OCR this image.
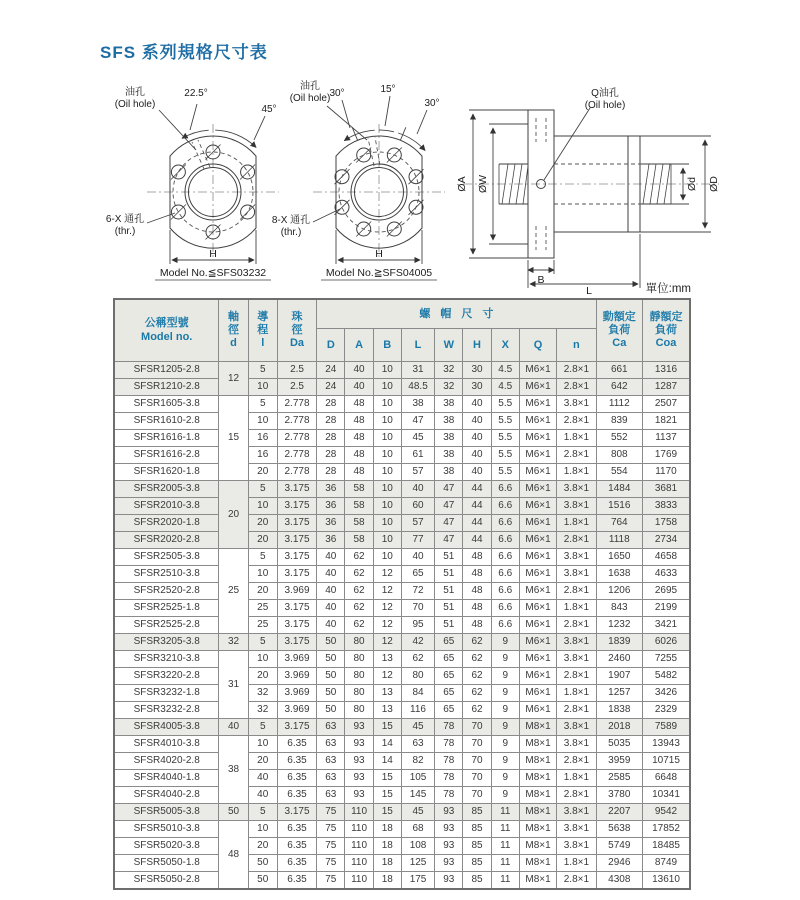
SFS 系列規格尺寸表
油孔
(Oil hole)
22.5°
45°
6-X 通孔
(thr.)
H
Model No.≦SFS03232
油孔
(Oil hole) 30°	15°
30°
8-X 通孔
(thr.)
H
Model No.≧SFS04005
ØA ØW
Q油孔
(Oil hole)
Ød ØD
B
L	單位:mm
公稱型號
Model no.	軸
徑
d	導
程
l	珠
徑
Da	螺帽尺寸									動額定
負荷
Ca	靜額定
負荷
Coa

				D	A	B	L	W	H	X	Q	n		
SFSR1205-2.8	12	5	2.5	24	40	10	31	32	30	4.5	M6×1	2.8×1	661	1316
SFSR1210-2.8		10	2.5	24	40	10	48.5	32	30	4.5	M6×1	2.8×1	642	1287
SFSR1605-3.8	15	5	2.778	28	48	10	38	38	40	5.5	M6×1	3.8×1	1112	2507
SFSR1610-2.8		10	2.778	28	48	10	47	38	40	5.5	M6×1	2.8×1	839	1821
SFSR1616-1.8		16	2.778	28	48	10	45	38	40	5.5	M6×1	1.8×1	552	1137
SFSR1616-2.8		16	2.778	28	48	10	61	38	40	5.5	M6×1	2.8×1	808	1769
SFSR1620-1.8		20	2.778	28	48	10	57	38	40	5.5	M6×1	1.8×1	554	1170
SFSR2005-3.8	20	5	3.175	36	58	10	40	47	44	6.6	M6×1	3.8×1	1484	3681
SFSR2010-3.8		10	3.175	36	58	10	60	47	44	6.6	M6×1	3.8×1	1516	3833
SFSR2020-1.8		20	3.175	36	58	10	57	47	44	6.6	M6×1	1.8×1	764	1758
SFSR2020-2.8		20	3.175	36	58	10	77	47	44	6.6	M6×1	2.8×1	1118	2734
SFSR2505-3.8	25	5	3.175	40	62	10	40	51	48	6.6	M6×1	3.8×1	1650	4658
SFSR2510-3.8		10	3.175	40	62	12	65	51	48	6.6	M6×1	3.8×1	1638	4633
SFSR2520-2.8		20	3.969	40	62	12	72	51	48	6.6	M6×1	2.8×1	1206	2695
SFSR2525-1.8		25	3.175	40	62	12	70	51	48	6.6	M6×1	1.8×1	843	2199
SFSR2525-2.8		25	3.175	40	62	12	95	51	48	6.6	M6×1	2.8×1	1232	3421
SFSR3205-3.8	32	5	3.175	50	80	12	42	65	62	9	M6×1	3.8×1	1839	6026
SFSR3210-3.8	31	10	3.969	50	80	13	62	65	62	9	M6×1	3.8×1	2460	7255
SFSR3220-2.8		20	3.969	50	80	12	80	65	62	9	M6×1	2.8×1	1907	5482
SFSR3232-1.8		32	3.969	50	80	13	84	65	62	9	M6×1	1.8×1	1257	3426
SFSR3232-2.8		32	3.969	50	80	13	116	65	62	9	M6×1	2.8×1	1838	2329
SFSR4005-3.8	40	5	3.175	63	93	15	45	78	70	9	M8×1	3.8×1	2018	7589
SFSR4010-3.8	38	10	6.35	63	93	14	63	78	70	9	M8×1	3.8×1	5035	13943
SFSR4020-2.8		20	6.35	63	93	14	82	78	70	9	M8×1	2.8×1	3959	10715
SFSR4040-1.8		40	6.35	63	93	15	105	78	70	9	M8×1	1.8×1	2585	6648
SFSR4040-2.8		40	6.35	63	93	15	145	78	70	9	M8×1	2.8×1	3780	10341
SFSR5005-3.8	50	5	3.175	75	110	15	45	93	85	11	M8×1	3.8×1	2207	9542
SFSR5010-3.8	48	10	6.35	75	110	18	68	93	85	11	M8×1	3.8×1	5638	17852
SFSR5020-3.8		20	6.35	75	110	18	108	93	85	11	M8×1	3.8×1	5749	18485
SFSR5050-1.8		50	6.35	75	110	18	125	93	85	11	M8×1	1.8×1	2946	8749
SFSR5050-2.8		50	6.35	75	110	18	175	93	85	11	M8×1	2.8×1	4308	13610
